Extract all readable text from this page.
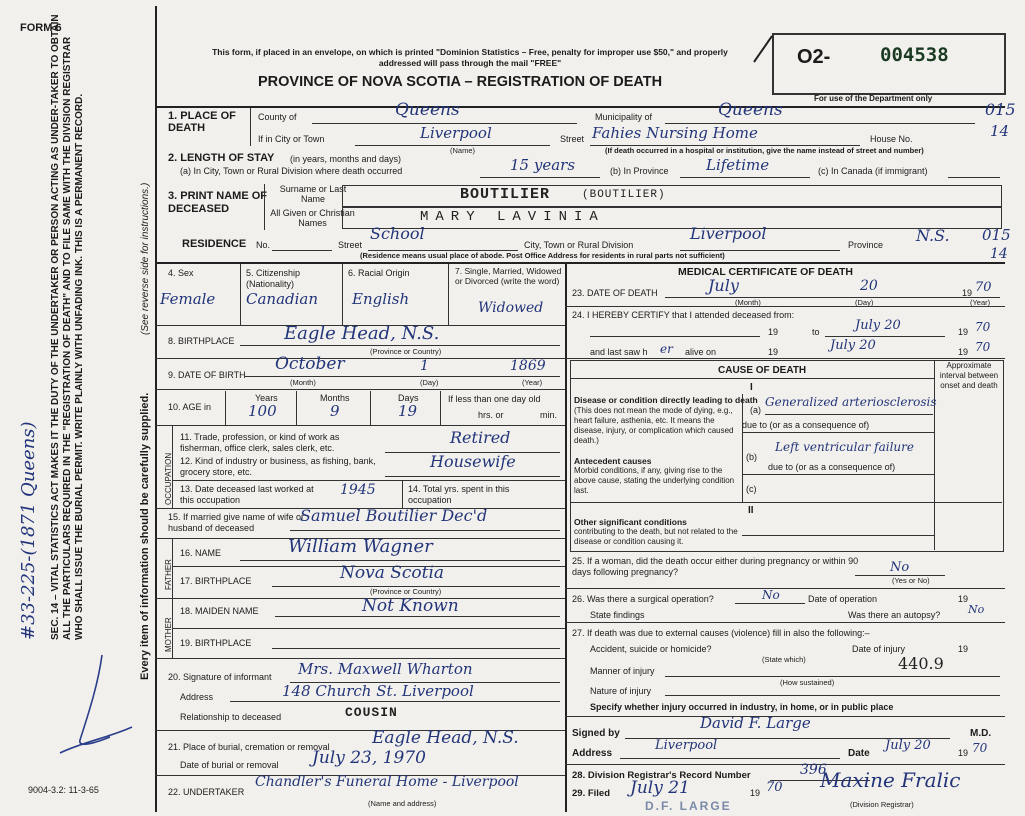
FORM 6
SEC. 14 – VITAL STATISTICS ACT MAKES IT THE DUTY OF THE UNDERTAKER OR PERSON ACTING AS UNDER-TAKER TO OBTAIN ALL THE PARTICULARS REQUIRED IN THE "REGISTRATION OF DEATH" AND TO FILE SAME WITH THE DIVISION REGISTRAR WHO SHALL ISSUE THE BURIAL PERMIT. WRITE PLAINLY WITH UNFADING INK. THIS IS A PERMANENT RECORD.	(See reverse side for instructions.)
Every item of information should be carefully supplied.
#33-225-(1871 Queens)
9004-3.2: 11-3-65
This form, if placed in an envelope, on which is printed "Dominion Statistics – Free, penalty for improper use $50," and properly addressed will pass through the mail "FREE"
PROVINCE OF NOVA SCOTIA – REGISTRATION OF DEATH
O2-	004538
For use of the Department only
1. PLACE OF DEATH
County of	Queens	Municipality of	Queens	015
If in City or Town	Liverpool
(Name)
Street Fahies Nursing Home	House No.	14
(If death occurred in a hospital or institution, give the name instead of street and number)
2. LENGTH OF STAY (in years, months and days)
(a) In City, Town or Rural Division where death occurred	15 years	(b) In Province Lifetime	(c) In Canada (if immigrant)
3. PRINT NAME OF DECEASED
Surname or Last Name
All Given or Christian Names
BOUTILIER	(BOUTILIER)
MARY LAVINIA
RESIDENCE No.	Street
School
City, Town or Rural Division
Liverpool
Province N.S. 015
14
(Residence means usual place of abode. Post Office Address for residents in rural parts not sufficient)
4. Sex
Female
5. Citizenship (Nationality)
Canadian
6. Racial Origin
English
7. Single, Married, Widowed or Divorced (write the word)
Widowed
8. BIRTHPLACE	Eagle Head, N.S.
(Province or Country)
9. DATE OF BIRTH
October	1	1869
(Month)	(Day)	(Year)
10. AGE in
Years	Months	Days
100	9	19
If less than one day old
hrs. or	min.
OCCUPATION
11. Trade, profession, or kind of work as fisherman, office clerk, sales clerk, etc.
Retired
12. Kind of industry or business, as fishing, bank, grocery store, etc.
Housewife
13. Date deceased last worked at this occupation
1945	14. Total yrs. spent in this occupation
15. If married give name of wife or husband of deceased
Samuel Boutilier Dec'd
FATHER
16. NAME	William Wagner
17. BIRTHPLACE	Nova Scotia
(Province or Country)
MOTHER
18. MAIDEN NAME	Not Known
19. BIRTHPLACE
20. Signature of informant Mrs. Maxwell Wharton
Address	148 Church St. Liverpool
Relationship to deceased	COUSIN
21. Place of burial, cremation or removal Eagle Head, N.S.
Date of burial or removal July 23, 1970
22. UNDERTAKER
Chandler's Funeral Home - Liverpool
(Name and address)
MEDICAL CERTIFICATE OF DEATH
23. DATE OF DEATH	July	20	19 70
(Month)	(Day)	(Year)
24. I HEREBY CERTIFY that I attended deceased from:
19	to	July 20	19 70
and last saw h er alive on	19	July 20	19 70
CAUSE OF DEATH	Approximate interval between onset and death
I
Disease or condition directly leading to death
(This does not mean the mode of dying, e.g., heart failure, asthenia, etc. It means the disease, injury, or complication which caused death.)
(a)
Generalized arteriosclerosis
due to (or as a consequence of)
Left ventricular failure
(b)
due to (or as a consequence of)
Antecedent causes
Morbid conditions, if any, giving rise to the above cause, stating the underlying condition last.	(c)
II
Other significant conditions
contributing to the death, but not related to the disease or condition causing it.
25. If a woman, did the death occur either during pregnancy or within 90 days following pregnancy?	No
(Yes or No)
26. Was there a surgical operation?	No	Date of operation	19
State findings	Was there an autopsy?	No
27. If death was due to external causes (violence) fill in also the following:–
Accident, suicide or homicide?	Date of injury	19
(State which)
Manner of injury	440.9
(How sustained)
Nature of injury
Specify whether injury occurred in industry, in home, or in public place
Signed by
David F. Large
M.D.
Address
Liverpool
Date
July 20	19 70
28. Division Registrar's Record Number	396
29. Filed July 21	19 70 Maxine Fralic
(Division Registrar)
D.F. LARGE
